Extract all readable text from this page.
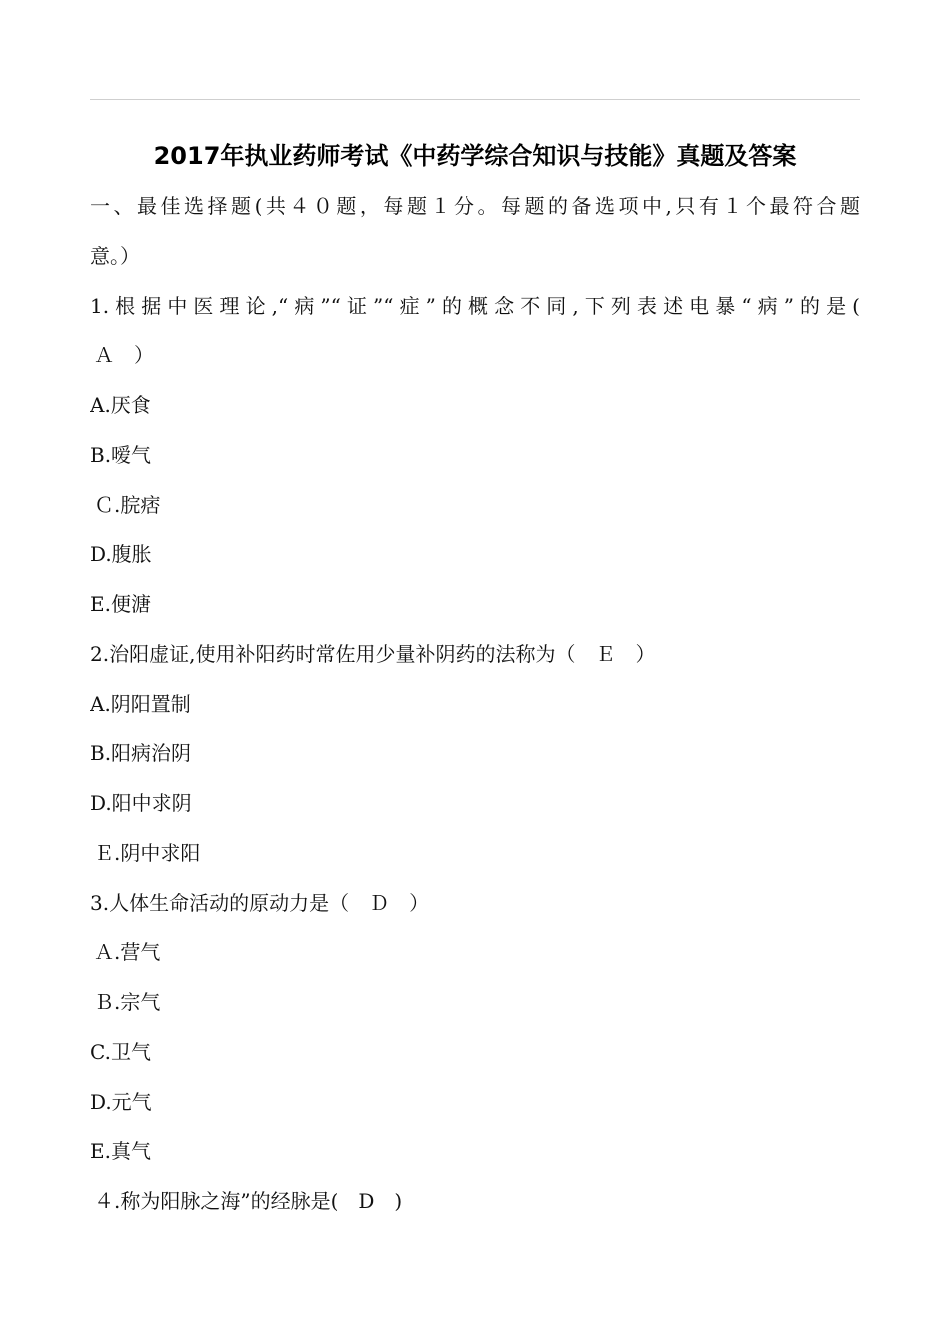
2017年执业药师考试《中药学综合知识与技能》真题及答案
一、最佳选择题(共４０题，每题１分。每题的备选项中,只有１个最符合题
意。）
1.根据中医理论,“病”“证”“症”的概念不同,下列表述电暴“病”的是(
Ａ　）
A.厌食
B.嗳气
Ｃ.脘痞
D.腹胀
E.便溏
2.治阳虚证,使用补阳药时常佐用少量补阴药的法称为（　Ｅ　）
A.阴阳置制
B.阳病治阴
D.阳中求阴
Ｅ.阴中求阳
3.人体生命活动的原动力是（　Ｄ　）
Ａ.营气
Ｂ.宗气
C.卫气
D.元气
E.真气
４.称为阳脉之海”的经脉是(　D　)
